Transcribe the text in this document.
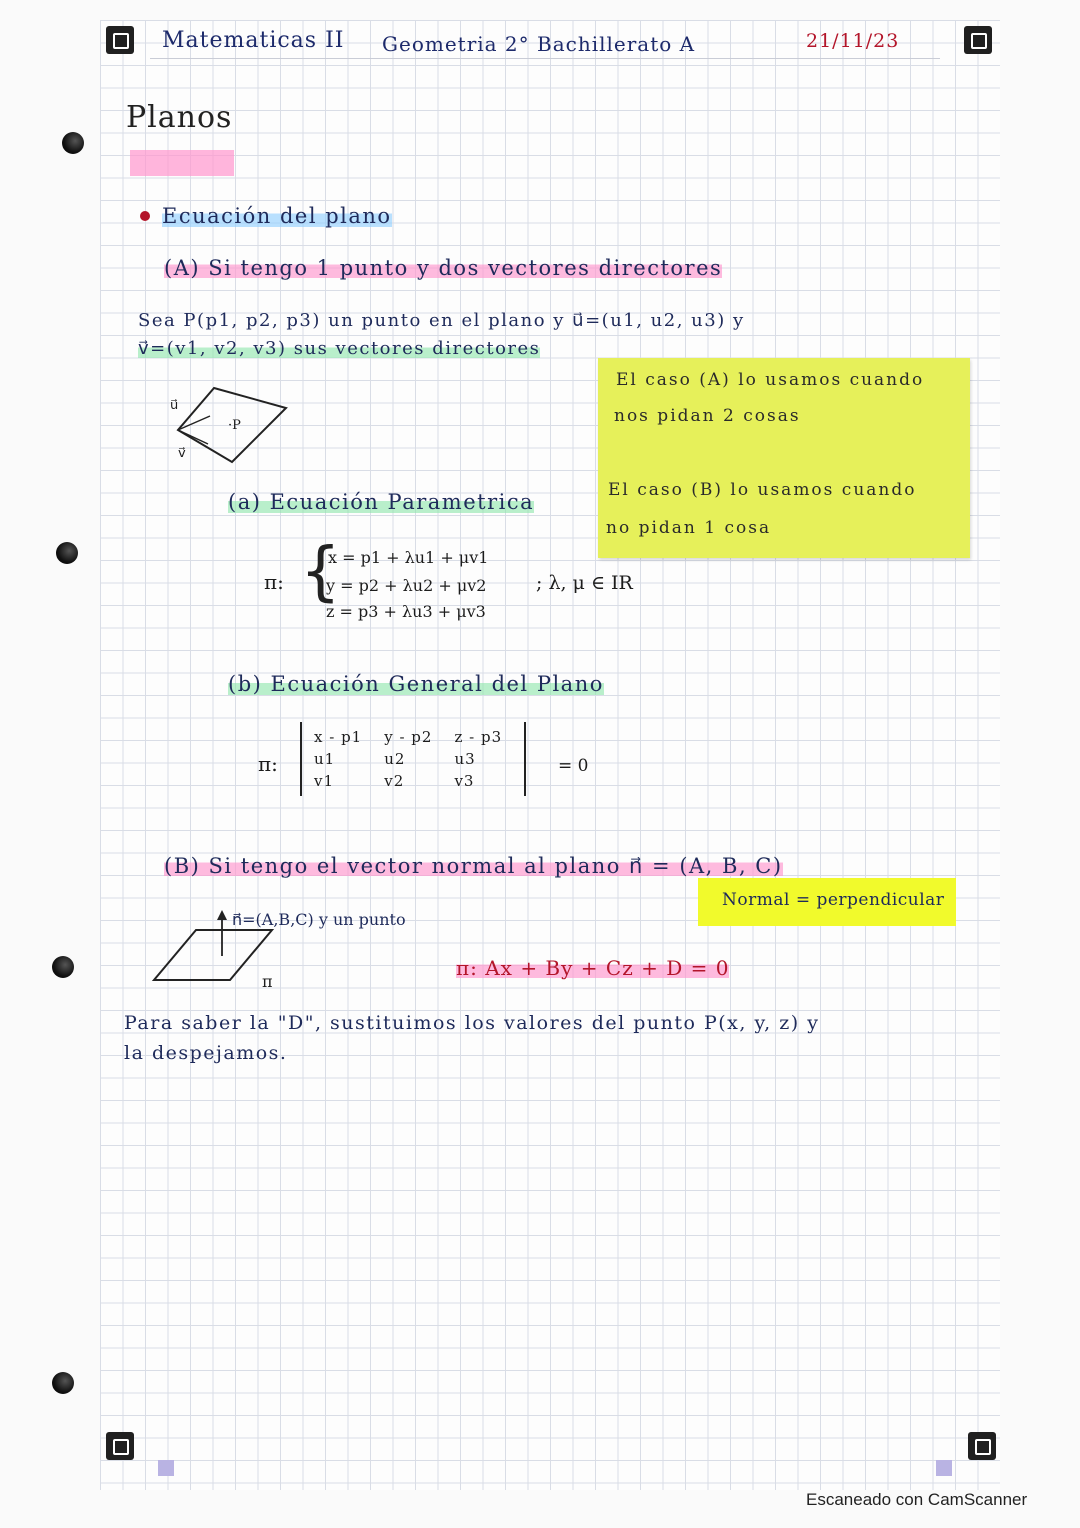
Matematicas II Geometria 2° Bachillerato A	21/11/23
Planos
Ecuación del plano
(A) Si tengo 1 punto y dos vectores directores
Sea P(p1, p2, p3) un punto en el plano y u⃗=(u1, u2, u3) y
v⃗=(v1, v2, v3) sus vectores directores
u⃗
v⃗
·P
El caso (A) lo usamos cuando
nos pidan 2 cosas
El caso (B) lo usamos cuando
no pidan 1 cosa
(a) Ecuación Parametrica
π: {
x = p1 + λu1 + μv1
y = p2 + λu2 + μv2
z = p3 + λu3 + μv3
; λ, μ ∈ IR
(b) Ecuación General del Plano
π:
x - p1	y - p2	z - p3
u1	u2	u3
v1	v2	v3
= 0
(B) Si tengo el vector normal al plano n⃗ = (A, B, C)
Normal = perpendicular
n⃗=(A,B,C) y un punto
π
π: Ax + By + Cz + D = 0
Para saber la "D", sustituimos los valores del punto P(x, y, z) y
la despejamos.
Escaneado con CamScanner
